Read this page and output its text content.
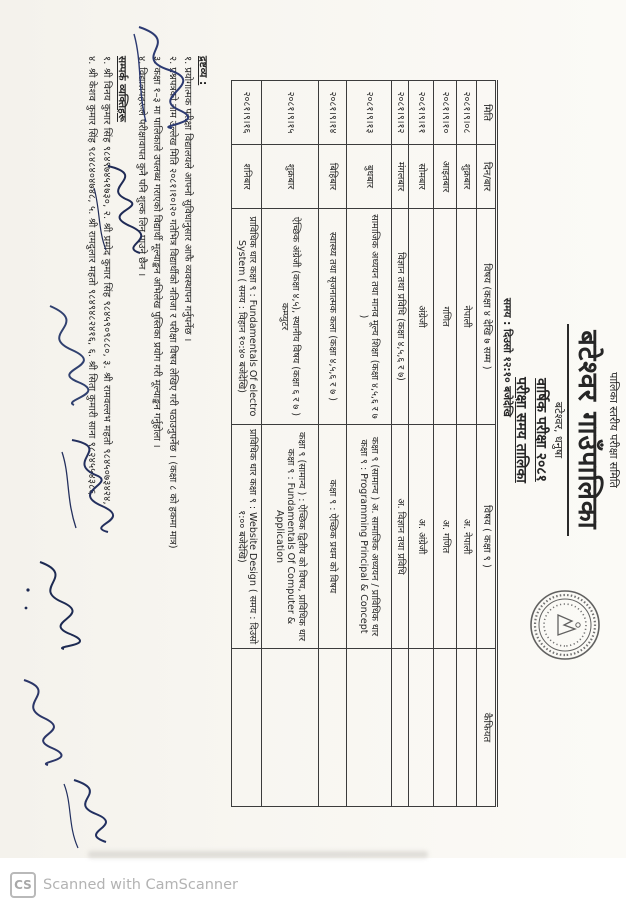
पालिका स्तरीय परीक्षा समिति
बटेश्वर गाउँपालिका
बटेश्वर, धनुषा
वार्षिक परीक्षा २०८१
परीक्षा समय तालिका
समय : दिउसो १२:१० बजेदेखि
मिति	दिन/बार	विषय (कक्षा ४ देखि ७ सम्म )	विषय ( कक्षा ९ )	कैफियत
२०८१।९।०८	शुक्रबार	नेपाली	अ. नेपाली	
२०८१।९।१०	आइतबार	गणित	अ. गणित	
२०८१।९।११	सोमबार	अंग्रेजी	अ. अंग्रेजी	
२०८१।९।१२	मंगलबार	विज्ञान तथा प्रविधि (कक्षा ४,५,६ र ७)	अ. विज्ञान तथा प्रविधि	
२०८१।९।१३	बुधबार	सामाजिक अध्ययन तथा मानव मूल्य शिक्षा (कक्षा ४,५,६ र ७ )	कक्षा ९ (सामान्य ) अ. सामाजिक अध्ययन / प्राविधिक धार कक्षा ९ : Programming Principal & Concept	
२०८१।९।१४	बिहिबार	स्वास्थ्य तथा सृजनात्मक कला (कक्षा ४,५,६ र ७ )	कक्षा ९ : ऐच्छिक प्रथम को विषय	
२०८१।९।१५	शुक्रबार	ऐच्छिक अंग्रेजी (कक्षा ४,५), स्थानीय विषय (कक्षा ६ र ७ ) कम्प्युटर	कक्षा ९ (सामान्य ) : ऐच्छिक द्वितीय को विषय, प्राविधिक धार कक्षा ९ : Fundamentals Of Computer & Application	
२०८१।९।१६	शनिबार	प्राविधिक धार कक्षा ९ : Fundamentals Of electro System ( समय : विहान १०:४० बजेदेखि)	प्राविधिक धार कक्षा ९ : Website Design ( समय : दिउसो १:०० बजेदेखि)	
द्रष्टव्य :
१. प्रयोगात्मक परीक्षा विद्यालयले आफ्नो सुविधानुसार आफै व्यवस्थापन गर्नुपर्नेछ ।
२. प्रश्नपत्रको नाम उल्लेख मिति २०८१।१०।२० गतेभित्र विद्यार्थीको नतिजा र परीक्षा विषय लेखिए गरी पठाउनुपर्नेछ । (कक्षा ८ को हकमा मात्र)
३. कक्षा १–३ मा पालिकाले उपलब्ध गराएको विद्यार्थी मूल्याङ्कन अभिलेख पुस्तिका प्रयोग गरी मूल्याङ्कन गर्नुहोला ।
४. विद्यालयहरूले परीक्षावापत कुनै पनि शुल्क लिन पाउने छैन ।
सम्पर्क व्यक्तिहरू
१. श्री विनय कुमार सिंह ९८४९७४५१७३०, २. श्री प्रमोद कुमार सिंह ९८४५९०९८८०, ३. श्री रामवल्लभ महतो ९८४५०७३४२४,
४. श्री केशव कुमार सिंह ९८४८४०४७४८, ५. श्री रामदुलार महतो ९८४९४८२४१६, ६. श्री सिता कुमारी साना ९८२४५५४३८६
CS Scanned with CamScanner
